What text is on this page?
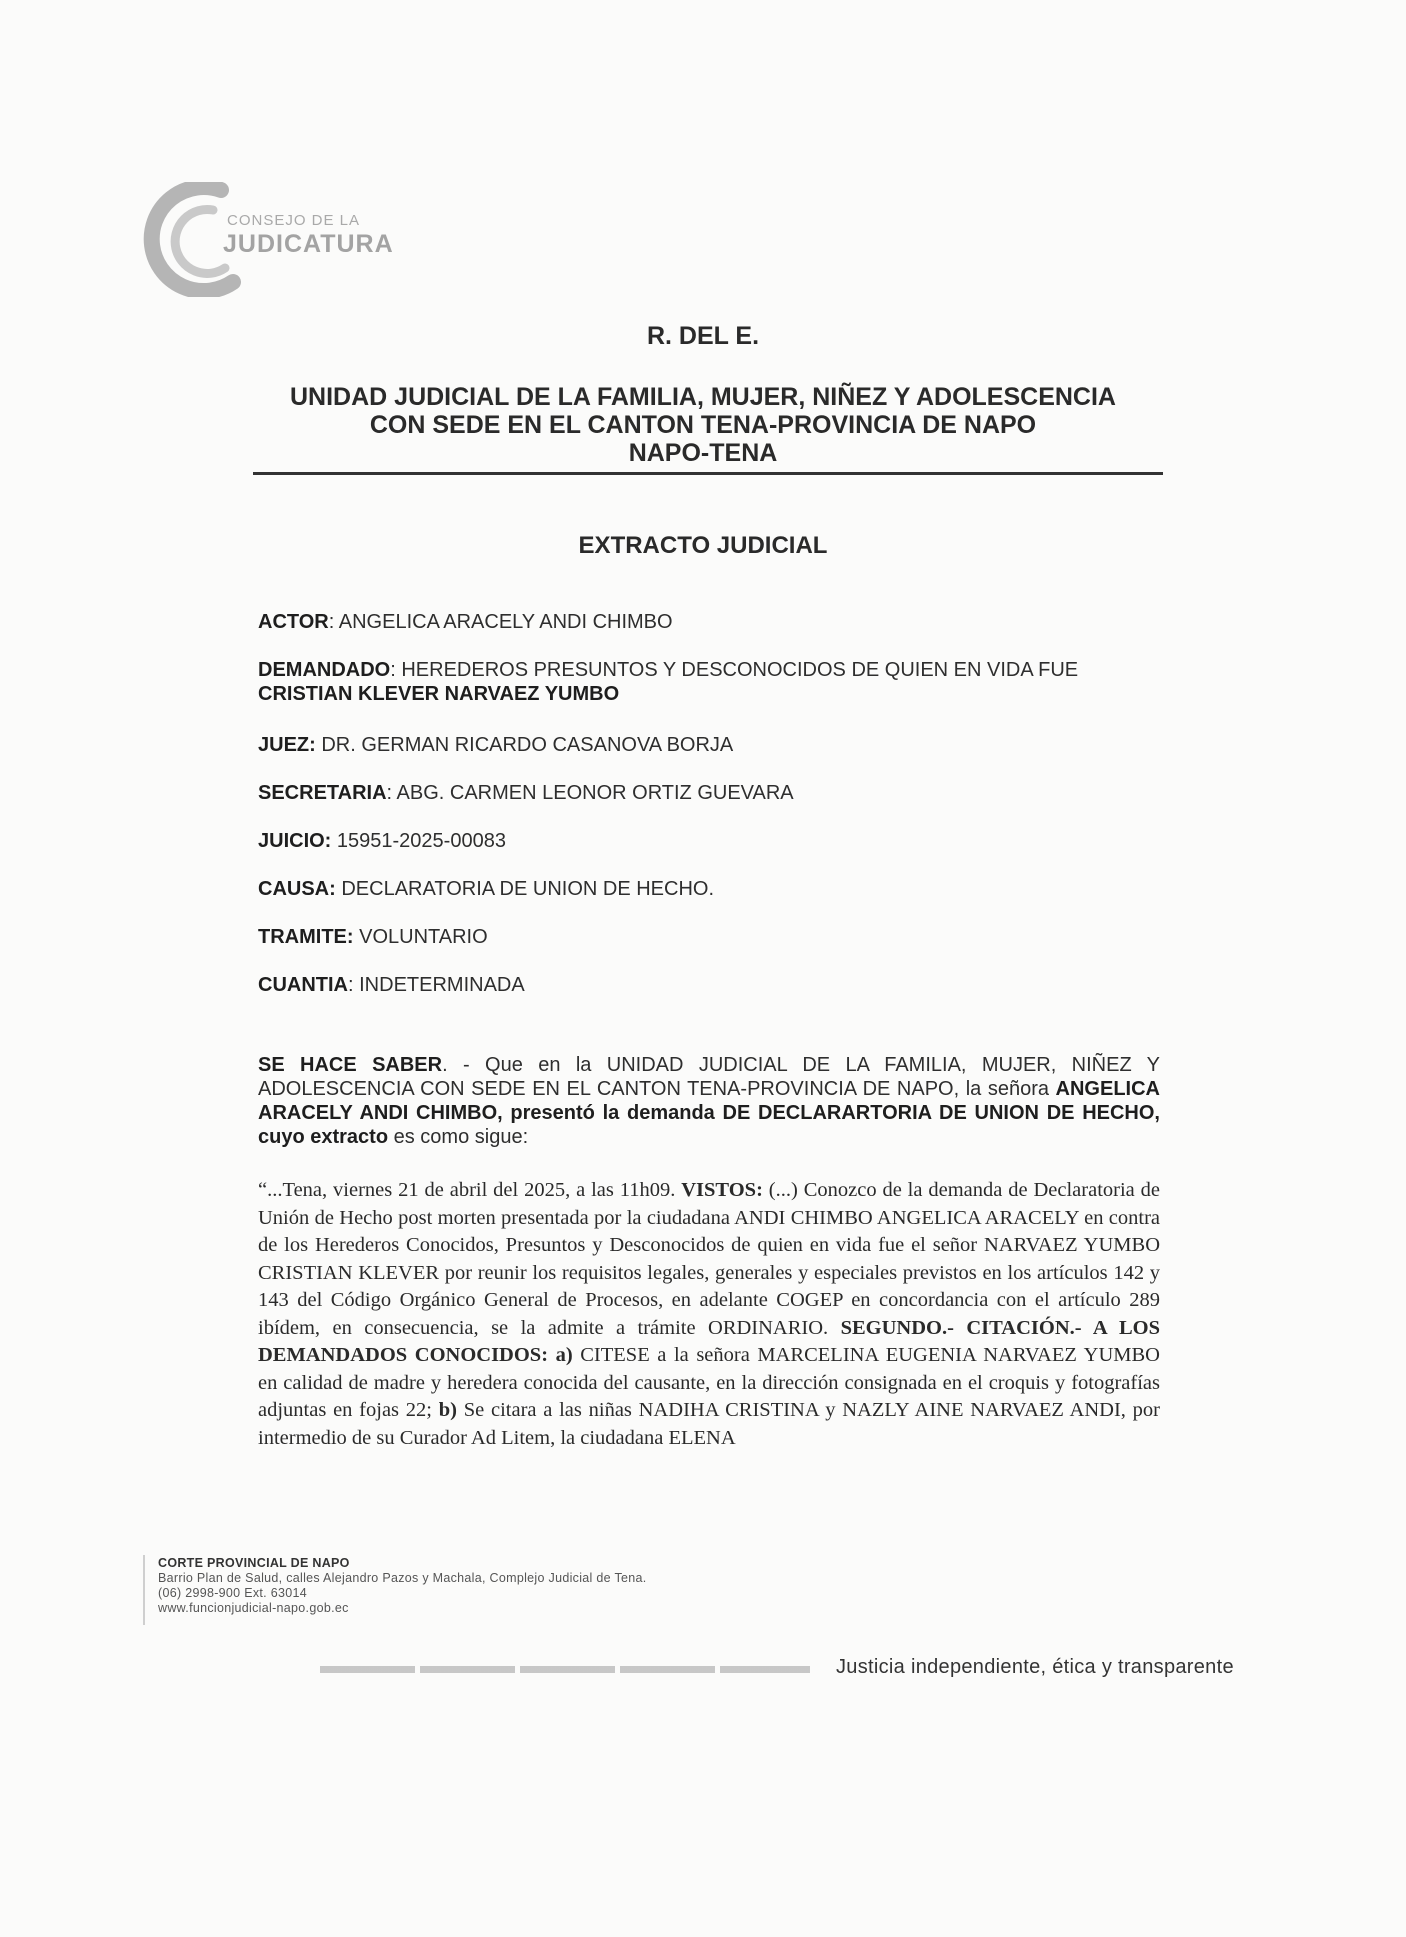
CONSEJO DE LA
JUDICATURA
R. DEL E.
UNIDAD JUDICIAL DE LA FAMILIA, MUJER, NIÑEZ Y ADOLESCENCIA
CON SEDE EN EL CANTON TENA-PROVINCIA DE NAPO
NAPO-TENA
EXTRACTO JUDICIAL
ACTOR: ANGELICA ARACELY ANDI CHIMBO
DEMANDADO: HEREDEROS PRESUNTOS Y DESCONOCIDOS DE QUIEN EN VIDA FUE
CRISTIAN KLEVER NARVAEZ YUMBO
JUEZ: DR. GERMAN RICARDO CASANOVA BORJA
SECRETARIA: ABG. CARMEN LEONOR ORTIZ GUEVARA
JUICIO: 15951-2025-00083
CAUSA: DECLARATORIA DE UNION DE HECHO.
TRAMITE: VOLUNTARIO
CUANTIA: INDETERMINADA
SE HACE SABER. - Que en la UNIDAD JUDICIAL DE LA FAMILIA, MUJER, NIÑEZ Y ADOLESCENCIA CON SEDE EN EL CANTON TENA-PROVINCIA DE NAPO, la señora ANGELICA ARACELY ANDI CHIMBO, presentó la demanda DE DECLARARTORIA DE UNION DE HECHO, cuyo extracto es como sigue:
“...Tena, viernes 21 de abril del 2025, a las 11h09. VISTOS: (...) Conozco de la demanda de Declaratoria de Unión de Hecho post morten presentada por la ciudadana ANDI CHIMBO ANGELICA ARACELY en contra de los Herederos Conocidos, Presuntos y Desconocidos de quien en vida fue el señor NARVAEZ YUMBO CRISTIAN KLEVER por reunir los requisitos legales, generales y especiales previstos en los artículos 142 y 143 del Código Orgánico General de Procesos, en adelante COGEP en concordancia con el artículo 289 ibídem, en consecuencia, se la admite a trámite ORDINARIO. SEGUNDO.- CITACIÓN.- A LOS DEMANDADOS CONOCIDOS: a) CITESE a la señora MARCELINA EUGENIA NARVAEZ YUMBO en calidad de madre y heredera conocida del causante, en la dirección consignada en el croquis y fotografías adjuntas en fojas 22; b) Se citara a las niñas NADIHA CRISTINA y NAZLY AINE NARVAEZ ANDI, por intermedio de su Curador Ad Litem, la ciudadana ELENA
CORTE PROVINCIAL DE NAPO
Barrio Plan de Salud, calles Alejandro Pazos y Machala, Complejo Judicial de Tena.
(06) 2998-900 Ext. 63014
www.funcionjudicial-napo.gob.ec
Justicia independiente, ética y transparente
